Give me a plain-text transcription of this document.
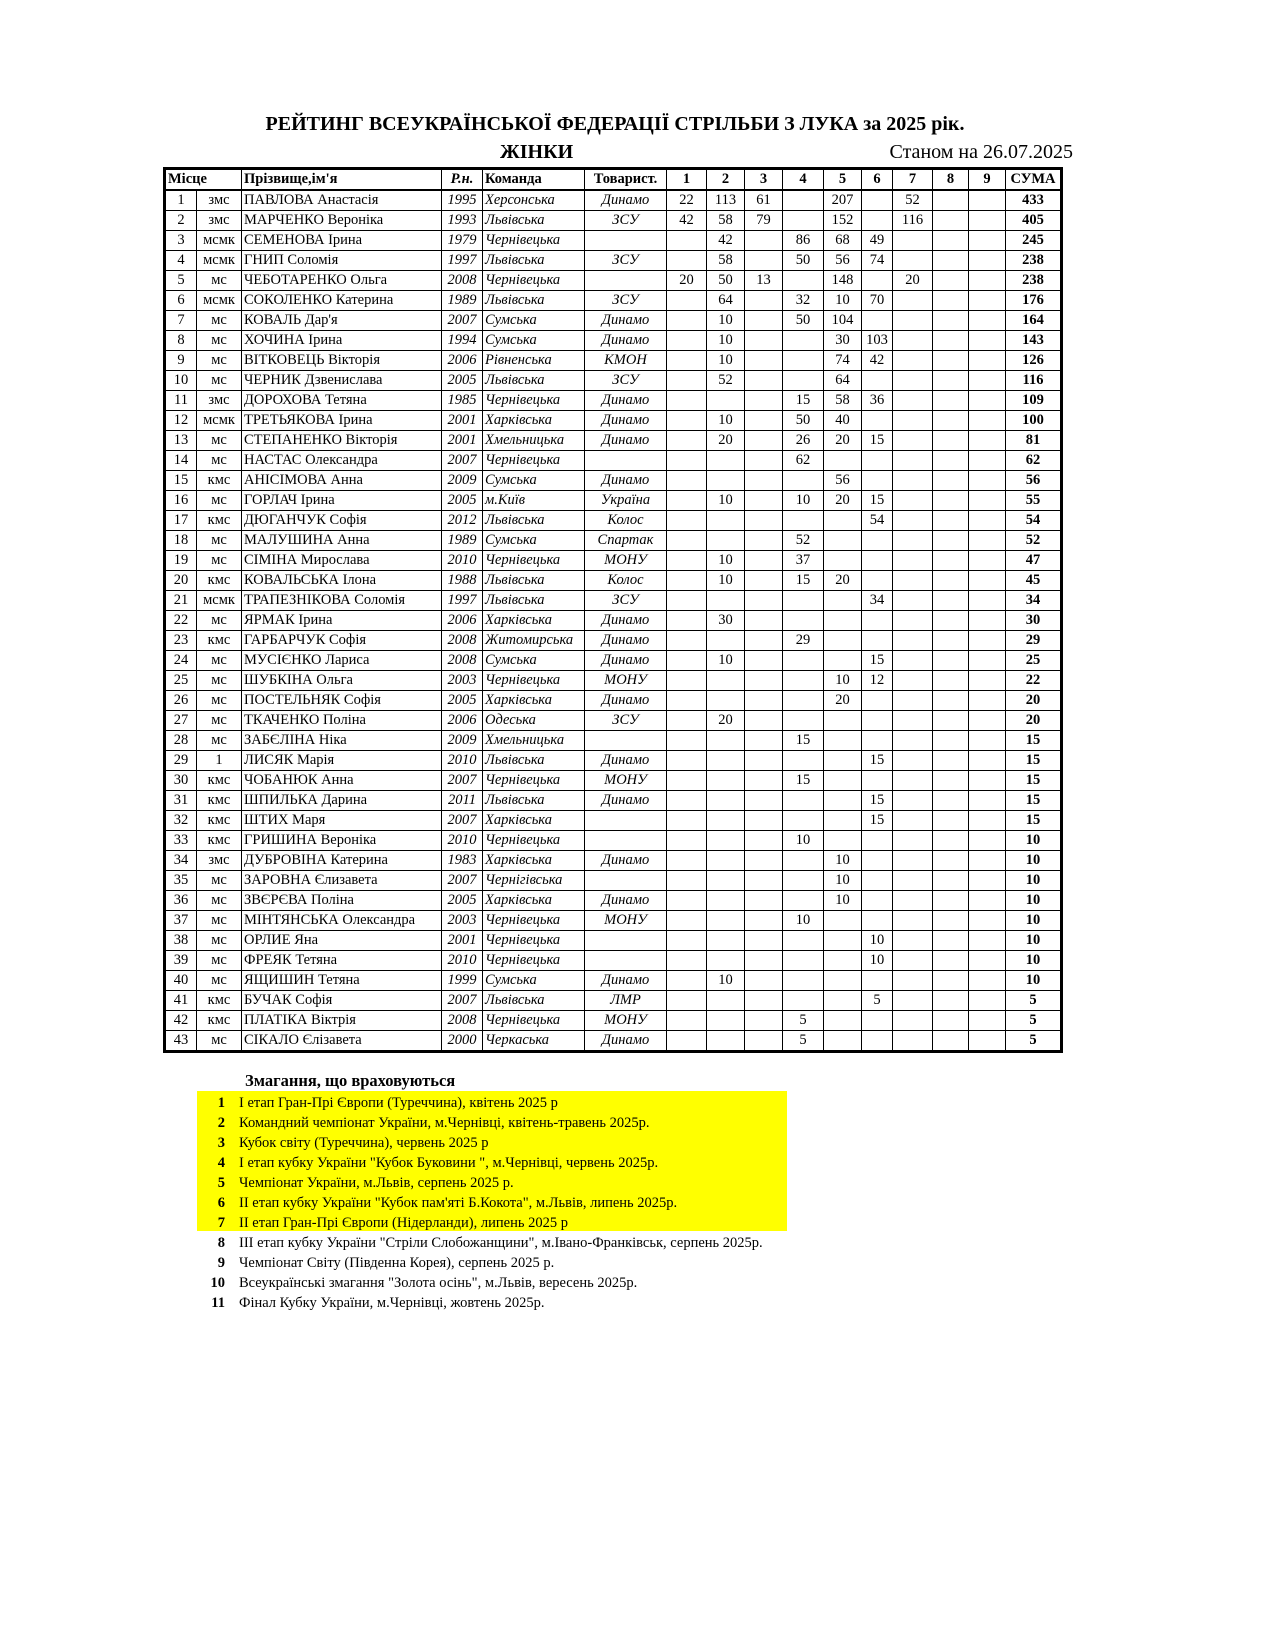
РЕЙТИНГ ВСЕУКРАЇНСЬКОЇ ФЕДЕРАЦІЇ СТРІЛЬБИ З ЛУКА за 2025 рік.
ЖІНКИ	Станом на 26.07.2025
Місце		Прізвище,ім'я	Р.н.	Команда	Товарист.	1	2	3	4	5	6	7	8	9	СУМА
1	змс	ПАВЛОВА Анастасія	1995	Херсонська	Динамо	22	113	61		207		52			433
2	змс	МАРЧЕНКО Вероніка	1993	Львівська	ЗСУ	42	58	79		152		116			405
3	мсмк	СЕМЕНОВА Ірина	1979	Чернівецька			42		86	68	49				245
4	мсмк	ГНИП Соломія	1997	Львівська	ЗСУ		58		50	56	74				238
5	мс	ЧЕБОТАРЕНКО Ольга	2008	Чернівецька		20	50	13		148		20			238
6	мсмк	СОКОЛЕНКО Катерина	1989	Львівська	ЗСУ		64		32	10	70				176
7	мс	КОВАЛЬ Дар'я	2007	Сумська	Динамо		10		50	104					164
8	мс	ХОЧИНА Ірина	1994	Сумська	Динамо		10			30	103				143
9	мс	ВІТКОВЕЦЬ Вікторія	2006	Рівненська	КМОН		10			74	42				126
10	мс	ЧЕРНИК Дзвенислава	2005	Львівська	ЗСУ		52			64					116
11	змс	ДОРОХОВА Тетяна	1985	Чернівецька	Динамо				15	58	36				109
12	мсмк	ТРЕТЬЯКОВА Ірина	2001	Харківська	Динамо		10		50	40					100
13	мс	СТЕПАНЕНКО Вікторія	2001	Хмельницька	Динамо		20		26	20	15				81
14	мс	НАСТАС Олександра	2007	Чернівецька					62						62
15	кмс	АНІСІМОВА Анна	2009	Сумська	Динамо					56					56
16	мс	ГОРЛАЧ Ірина	2005	м.Київ	Україна		10		10	20	15				55
17	кмс	ДЮГАНЧУК Софія	2012	Львівська	Колос						54				54
18	мс	МАЛУШИНА Анна	1989	Сумська	Спартак				52						52
19	мс	СІМІНА Мирослава	2010	Чернівецька	МОНУ		10		37						47
20	кмс	КОВАЛЬСЬКА Ілона	1988	Львівська	Колос		10		15	20					45
21	мсмк	ТРАПЕЗНІКОВА Соломія	1997	Львівська	ЗСУ						34				34
22	мс	ЯРМАК Ірина	2006	Харківська	Динамо		30								30
23	кмс	ГАРБАРЧУК Софія	2008	Житомирська	Динамо				29						29
24	мс	МУСІЄНКО Лариса	2008	Сумська	Динамо		10				15				25
25	мс	ШУБКІНА Ольга	2003	Чернівецька	МОНУ					10	12				22
26	мс	ПОСТЕЛЬНЯК Софія	2005	Харківська	Динамо					20					20
27	мс	ТКАЧЕНКО Поліна	2006	Одеська	ЗСУ		20								20
28	мс	ЗАБЄЛІНА Ніка	2009	Хмельницька					15						15
29	1	ЛИСЯК Марія	2010	Львівська	Динамо						15				15
30	кмс	ЧОБАНЮК Анна	2007	Чернівецька	МОНУ				15						15
31	кмс	ШПИЛЬКА Дарина	2011	Львівська	Динамо						15				15
32	кмс	ШТИХ Маря	2007	Харківська							15				15
33	кмс	ГРИШИНА Вероніка	2010	Чернівецька					10						10
34	змс	ДУБРОВІНА Катерина	1983	Харківська	Динамо					10					10
35	мс	ЗАРОВНА Єлизавета	2007	Чернігівська						10					10
36	мс	ЗВЄРЄВА Поліна	2005	Харківська	Динамо					10					10
37	мс	МІНТЯНСЬКА Олександра	2003	Чернівецька	МОНУ				10						10
38	мс	ОРЛИЕ Яна	2001	Чернівецька							10				10
39	мс	ФРЕЯК Тетяна	2010	Чернівецька							10				10
40	мс	ЯЩИШИН Тетяна	1999	Сумська	Динамо		10								10
41	кмс	БУЧАК Софія	2007	Львівська	ЛМР						5				5
42	кмс	ПЛАТІКА Віктрія	2008	Чернівецька	МОНУ				5						5
43	мс	СІКАЛО Єлізавета	2000	Черкаська	Динамо				5						5
Змагання, що враховуються
1 І етап Гран-Прі Європи (Туреччина), квітень 2025 р
2 Командний чемпіонат України, м.Чернівці, квітень-травень 2025р.
3 Кубок світу (Туреччина), червень 2025 р
4 І етап кубку України "Кубок Буковини ", м.Чернівці, червень 2025р.
5 Чемпіонат України, м.Львів, серпень 2025 р.
6 ІІ етап кубку України "Кубок пам'яті Б.Кокота", м.Львів, липень 2025р.
7 ІІ етап Гран-Прі Європи (Нідерланди), липень 2025 р
8 ІІІ етап кубку України "Стріли Слобожанщини", м.Івано-Франківськ, серпень 2025р.
9 Чемпіонат Світу (Південна Корея), серпень 2025 р.
10 Всеукраїнські змагання "Золота осінь", м.Львів, вересень 2025р.
11 Фінал Кубку України, м.Чернівці, жовтень 2025р.
